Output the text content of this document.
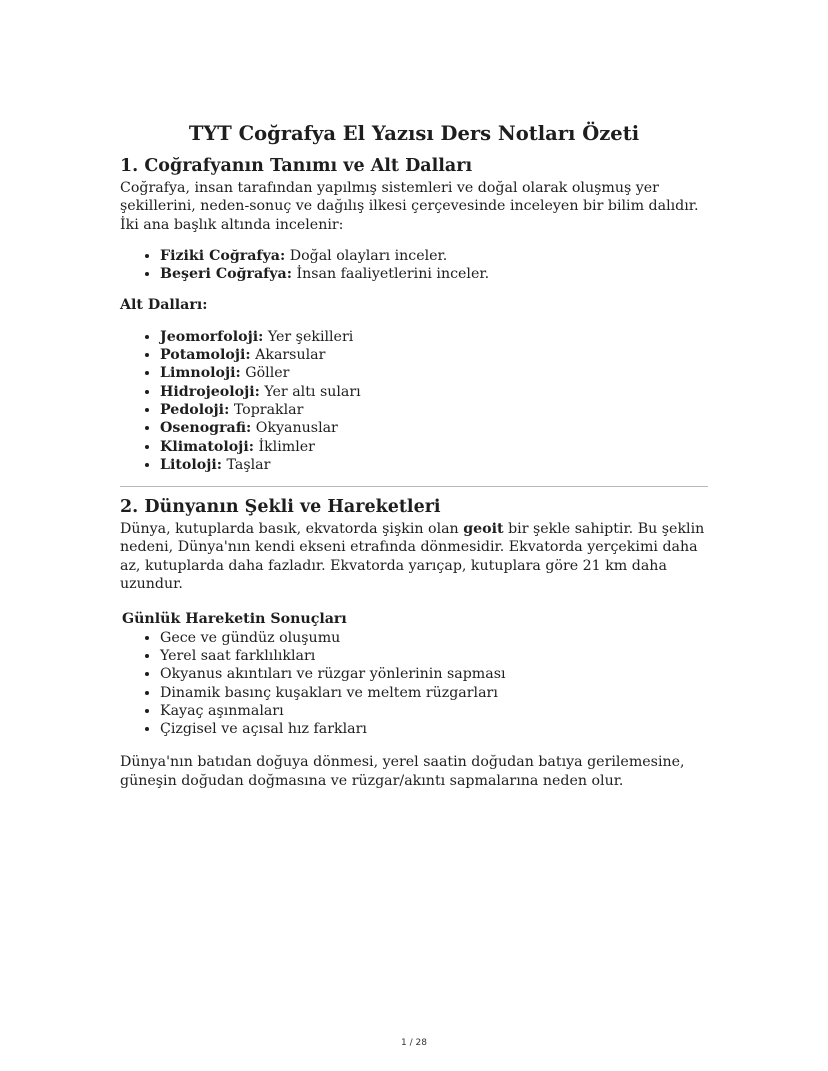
TYT Coğrafya El Yazısı Ders Notları Özeti
1. Coğrafyanın Tanımı ve Alt Dalları

Coğrafya, insan tarafından yapılmış sistemleri ve doğal olarak oluşmuş yer şekillerini, neden-sonuç ve dağılış ilkesi çerçevesinde inceleyen bir bilim dalıdır. İki ana başlık altında incelenir:

• Fiziki Coğrafya: Doğal olayları inceler.
• Beşeri Coğrafya: İnsan faaliyetlerini inceler.

Alt Dalları:

• Jeomorfoloji: Yer şekilleri
• Potamoloji: Akarsular
• Limnoloji: Göller
• Hidrojeoloji: Yer altı suları
• Pedoloji: Topraklar
• Osenografi: Okyanuslar
• Klimatoloji: İklimler
• Litoloji: Taşlar
2. Dünyanın Şekli ve Hareketleri

Dünya, kutuplarda basık, ekvatorda şişkin olan geoit bir şekle sahiptir. Bu şeklin nedeni, Dünya'nın kendi ekseni etrafında dönmesidir. Ekvatorda yerçekimi daha az, kutuplarda daha fazladır. Ekvatorda yarıçap, kutuplara göre 21 km daha uzundur.

Günlük Hareketin Sonuçları

• Gece ve gündüz oluşumu
• Yerel saat farklılıkları
• Okyanus akıntıları ve rüzgar yönlerinin sapması
• Dinamik basınç kuşakları ve meltem rüzgarları
• Kayaç aşınmaları
• Çizgisel ve açısal hız farkları

Dünya'nın batıdan doğuya dönmesi, yerel saatin doğudan batıya gerilemesine, güneşin doğudan doğmasına ve rüzgar/akıntı sapmalarına neden olur.

1 / 28
